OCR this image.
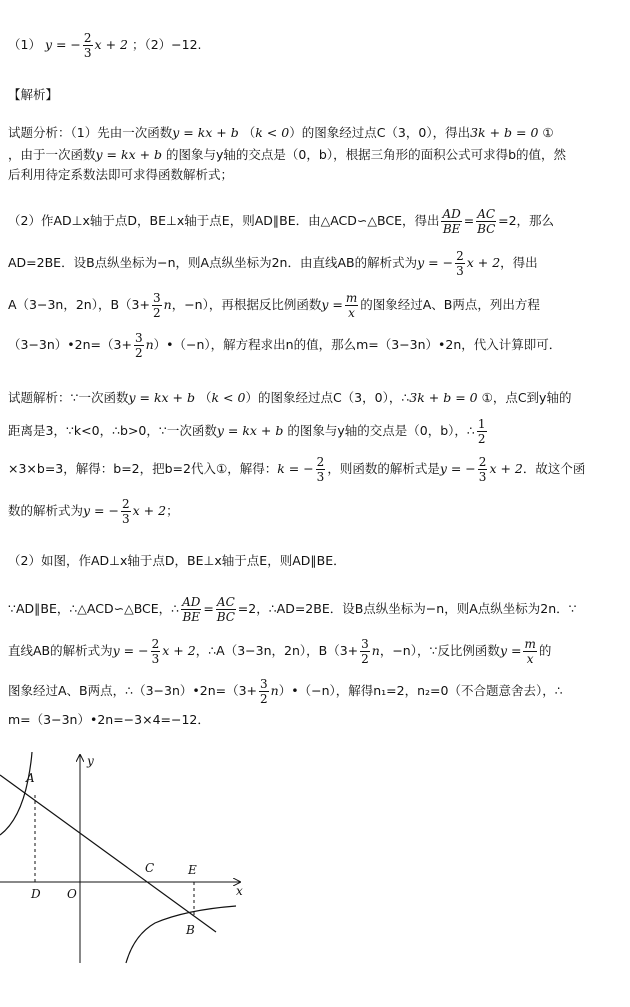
（1） y = − $\frac{2}{3}$ x + 2 ；（2）−12.
【解析】
试题分析：（1）先由一次函数y = kx + b （k < 0）的图象经过点C（3，0），得出3k + b = 0 ①
，由于一次函数y = kx + b 的图象与y轴的交点是（0，b），根据三角形的面积公式可求得b的值，然
后利用待定系数法即可求得函数解析式；
（2）作AD⊥x轴于点D，BE⊥x轴于点E，则AD∥BE．由△ACD∽△BCE，得出 $\frac{AD}{BE} = \frac{AC}{BC} =2$，那么
AD=2BE．设B点纵坐标为−n，则A点纵坐标为2n．由直线AB的解析式为y = − $\frac{2}{3}$ x + 2，得出
A（3−3n，2n），$B(3+ \frac{3}{2}$ n，−n），再根据反比例函数$y = \frac{m}{x}$ 的图象经过A、B两点，列出方程
（3−3n）•2n=（3+ $\frac{3}{2}$ n）•（−n），解方程求出n的值，那么m=（3−3n）•2n，代入计算即可．
试题解析：∵一次函数y = kx + b （k < 0）的图象经过点C（3，0），∴3k + b = 0 ①，点C到y轴的
距离是3，∵k<0，∴b>0，∵一次函数y = kx + b 的图象与y轴的交点是（0，b），∴ $\frac{1}{2}$
×3×b=3，解得：b=2，把b=2代入①，解得：k = − $\frac{2}{3}$ ，则函数的解析式是y = − $\frac{2}{3}$ x + 2．故这个函
数的解析式为y = − $\frac{2}{3}$ x + 2；
（2）如图，作AD⊥x轴于点D，BE⊥x轴于点E，则AD∥BE．
∵AD∥BE，∴△ACD∽△BCE，∴ $\frac{AD}{BE} = \frac{AC}{BC} =2$，∴AD=2BE．设B点纵坐标为−n，则A点纵坐标为2n．∵
直线AB的解析式为y = − $\frac{2}{3}$ x + 2，∴A（3−3n，2n），$B(3+ \frac{3}{2}$ n，−n），∵反比例函数$y = \frac{m}{x}$ 的
图象经过A、B两点，∴（3−3n）•2n=（3+ $\frac{3}{2}$ n）•（−n），解得n₁=2，n₂=0（不合题意舍去），∴
m=（3−3n）•2n=−3×4=−12．
A
y
C	E
D O	x
B
